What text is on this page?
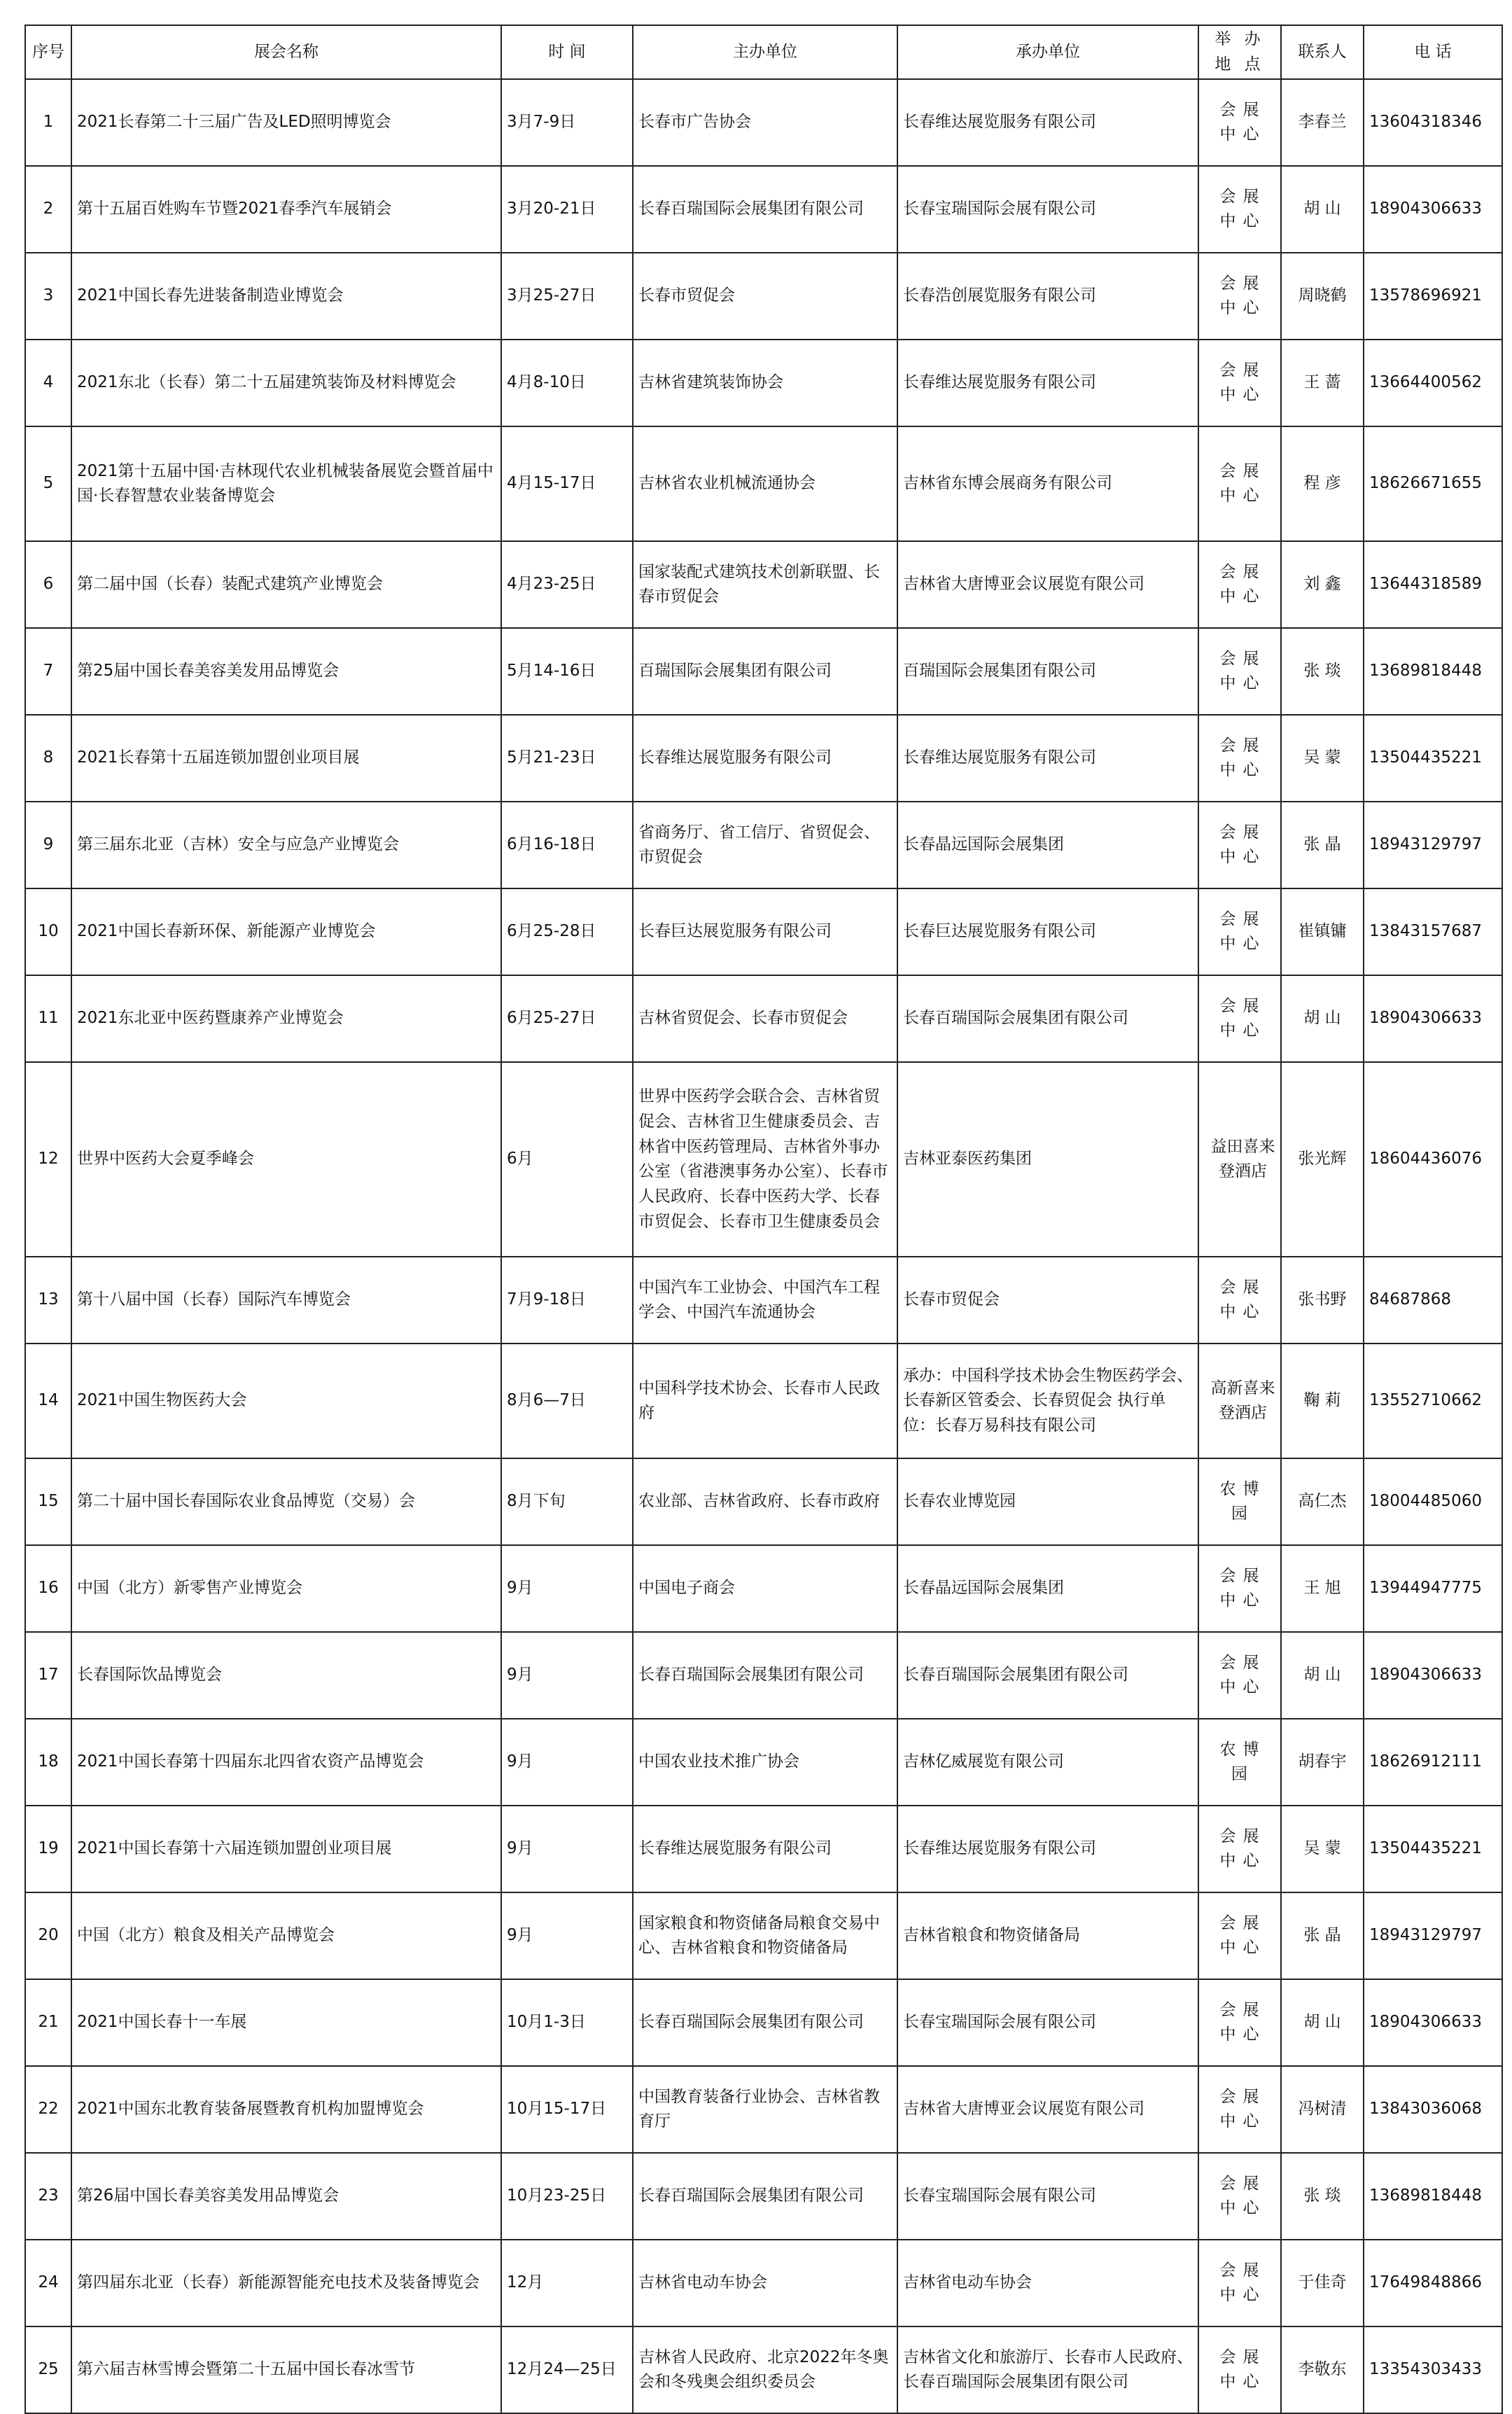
序号	展会名称	时 间	主办单位	承办单位	举 办 地 点	联系人	电 话
1	2021长春第二十三届广告及LED照明博览会	3月7-9日	长春市广告协会	长春维达展览服务有限公司	会展中心	李春兰	13604318346
2	第十五届百姓购车节暨2021春季汽车展销会	3月20-21日	长春百瑞国际会展集团有限公司	长春宝瑞国际会展有限公司	会展中心	胡 山	18904306633
3	2021中国长春先进装备制造业博览会	3月25-27日	长春市贸促会	长春浩创展览服务有限公司	会展中心	周晓鹤	13578696921
4	2021东北（长春）第二十五届建筑装饰及材料博览会	4月8-10日	吉林省建筑装饰协会	长春维达展览服务有限公司	会展中心	王 蔷	13664400562
5	2021第十五届中国·吉林现代农业机械装备展览会暨首届中国·长春智慧农业装备博览会	4月15-17日	吉林省农业机械流通协会	吉林省东博会展商务有限公司	会展中心	程 彦	18626671655
6	第二届中国（长春）装配式建筑产业博览会	4月23-25日	国家装配式建筑技术创新联盟、长春市贸促会	吉林省大唐博亚会议展览有限公司	会展中心	刘 鑫	13644318589
7	第25届中国长春美容美发用品博览会	5月14-16日	百瑞国际会展集团有限公司	百瑞国际会展集团有限公司	会展中心	张 琰	13689818448
8	2021长春第十五届连锁加盟创业项目展	5月21-23日	长春维达展览服务有限公司	长春维达展览服务有限公司	会展中心	吴 蒙	13504435221
9	第三届东北亚（吉林）安全与应急产业博览会	6月16-18日	省商务厅、省工信厅、省贸促会、市贸促会	长春晶远国际会展集团	会展中心	张 晶	18943129797
10	2021中国长春新环保、新能源产业博览会	6月25-28日	长春巨达展览服务有限公司	长春巨达展览服务有限公司	会展中心	崔镇镛	13843157687
11	2021东北亚中医药暨康养产业博览会	6月25-27日	吉林省贸促会、长春市贸促会	长春百瑞国际会展集团有限公司	会展中心	胡 山	18904306633
12	世界中医药大会夏季峰会	6月	世界中医药学会联合会、吉林省贸促会、吉林省卫生健康委员会、吉林省中医药管理局、吉林省外事办公室（省港澳事务办公室）、长春市人民政府、长春中医药大学、长春市贸促会、长春市卫生健康委员会	吉林亚泰医药集团	益田喜来登酒店	张光辉	18604436076
13	第十八届中国（长春）国际汽车博览会	7月9-18日	中国汽车工业协会、中国汽车工程学会、中国汽车流通协会	长春市贸促会	会展中心	张书野	84687868
14	2021中国生物医药大会	8月6—7日	中国科学技术协会、长春市人民政府	承办：中国科学技术协会生物医药学会、长春新区管委会、长春贸促会 执行单位：长春万易科技有限公司	高新喜来登酒店	鞠 莉	13552710662
15	第二十届中国长春国际农业食品博览（交易）会	8月下旬	农业部、吉林省政府、长春市政府	长春农业博览园	农博园	高仁杰	18004485060
16	中国（北方）新零售产业博览会	9月	中国电子商会	长春晶远国际会展集团	会展中心	王 旭	13944947775
17	长春国际饮品博览会	9月	长春百瑞国际会展集团有限公司	长春百瑞国际会展集团有限公司	会展中心	胡 山	18904306633
18	2021中国长春第十四届东北四省农资产品博览会	9月	中国农业技术推广协会	吉林亿威展览有限公司	农博园	胡春宇	18626912111
19	2021中国长春第十六届连锁加盟创业项目展	9月	长春维达展览服务有限公司	长春维达展览服务有限公司	会展中心	吴 蒙	13504435221
20	中国（北方）粮食及相关产品博览会	9月	国家粮食和物资储备局粮食交易中心、吉林省粮食和物资储备局	吉林省粮食和物资储备局	会展中心	张 晶	18943129797
21	2021中国长春十一车展	10月1-3日	长春百瑞国际会展集团有限公司	长春宝瑞国际会展有限公司	会展中心	胡 山	18904306633
22	2021中国东北教育装备展暨教育机构加盟博览会	10月15-17日	中国教育装备行业协会、吉林省教育厅	吉林省大唐博亚会议展览有限公司	会展中心	冯树清	13843036068
23	第26届中国长春美容美发用品博览会	10月23-25日	长春百瑞国际会展集团有限公司	长春宝瑞国际会展有限公司	会展中心	张 琰	13689818448
24	第四届东北亚（长春）新能源智能充电技术及装备博览会	12月	吉林省电动车协会	吉林省电动车协会	会展中心	于佳奇	17649848866
25	第六届吉林雪博会暨第二十五届中国长春冰雪节	12月24—25日	吉林省人民政府、北京2022年冬奥会和冬残奥会组织委员会	吉林省文化和旅游厅、长春市人民政府、长春百瑞国际会展集团有限公司	会展中心	李敬东	13354303433
